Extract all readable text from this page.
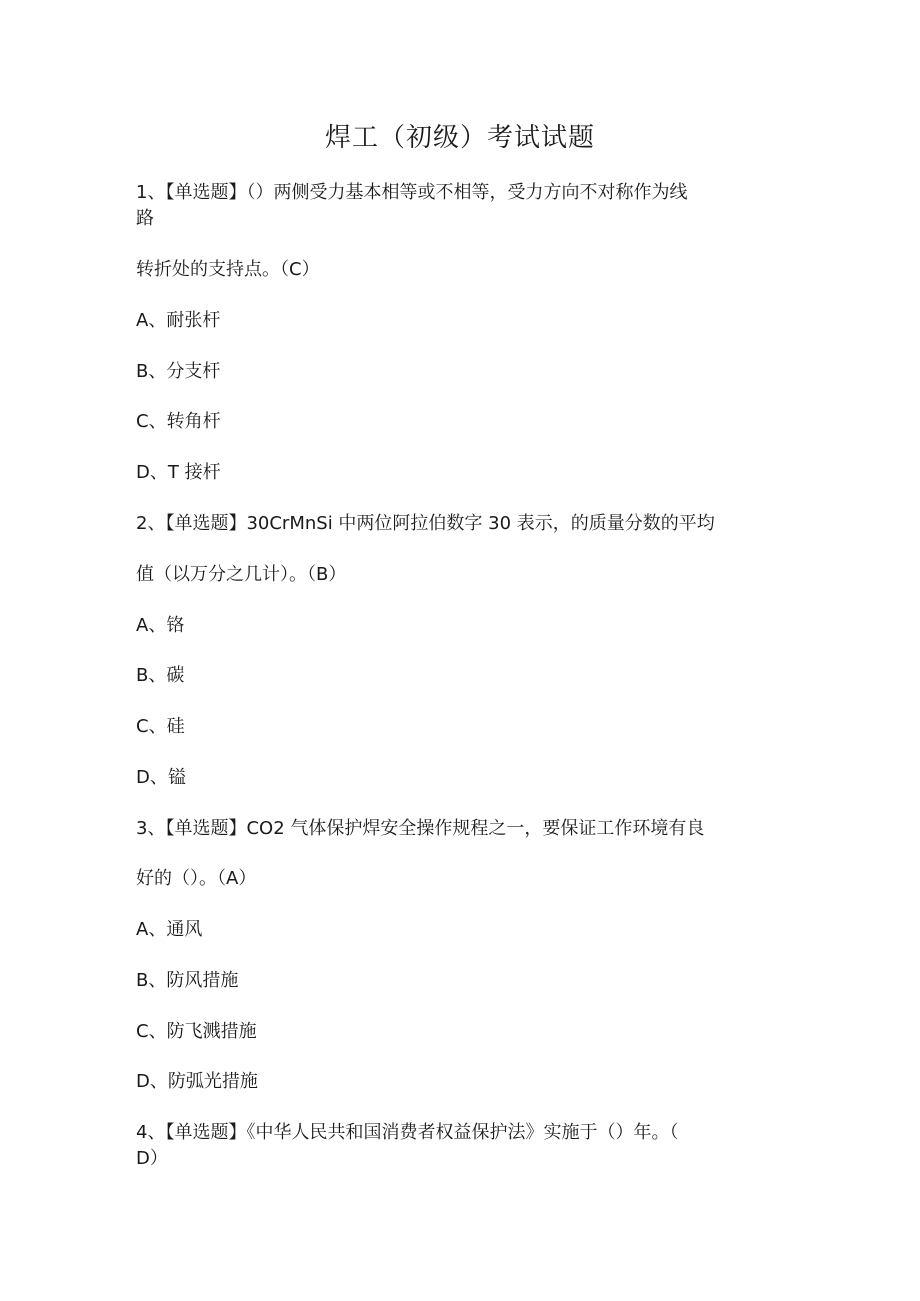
焊工（初级）考试试题

1、【单选题】（）两侧受力基本相等或不相等，受力方向不对称作为线

路

转折处的支持点。（C）

A、耐张杆

B、分支杆

C、转角杆

D、T 接杆

2、【单选题】30CrMnSi 中两位阿拉伯数字 30 表示，的质量分数的平均

值（以万分之几计）。（B）

A、铬

B、碳

C、硅

D、镒

3、【单选题】CO2 气体保护焊安全操作规程之一，要保证工作环境有良

好的（）。（A）

A、通风

B、防风措施

C、防飞溅措施

D、防弧光措施

4、【单选题】《中华人民共和国消费者权益保护法》实施于（）年。（

D）
